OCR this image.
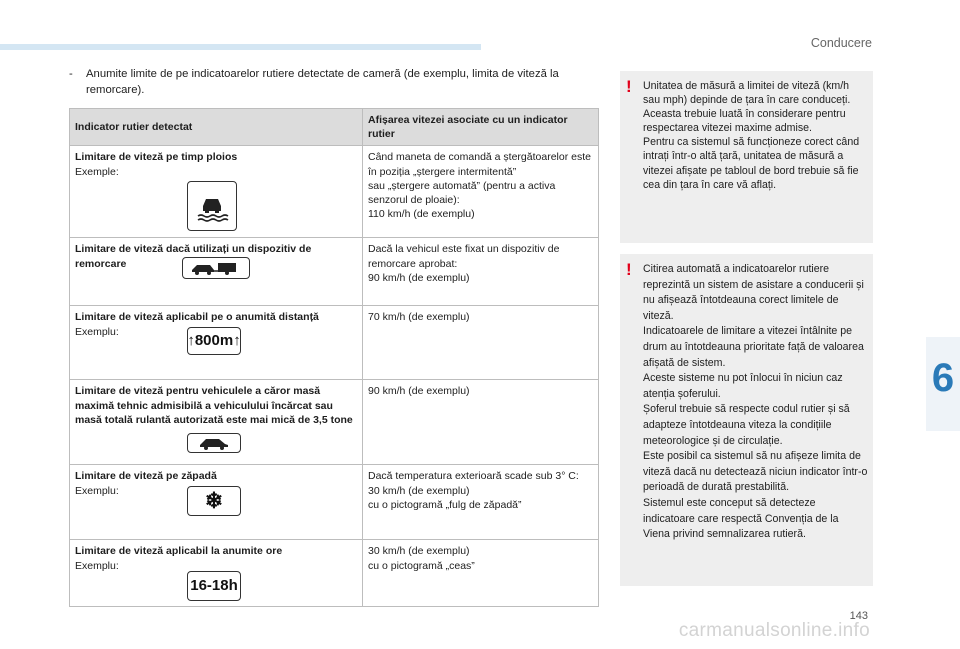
Conducere
6
- Anumite limite de pe indicatoarelor rutiere detectate de cameră (de exemplu, limita de viteză la remorcare).
Indicator rutier detectat	Afișarea vitezei asociate cu un indicator rutier

Limitare de viteză pe timp ploios
Exemple:	Când maneta de comandă a ștergătoarelor este în poziția „ștergere intermitentă”
sau „ștergere automată” (pentru a activa senzorul de ploaie):
110 km/h (de exemplu)

Limitare de viteză dacă utilizați un dispozitiv de remorcare	Dacă la vehicul este fixat un dispozitiv de remorcare aprobat:
90 km/h (de exemplu)

Limitare de viteză aplicabil pe o anumită distanță
Exemplu:
↑ 800m ↑	70 km/h (de exemplu)

Limitare de viteză pentru vehiculele a căror masă maximă tehnic admisibilă a vehiculului încărcat sau masă totală rulantă autorizată este mai mică de 3,5 tone	90 km/h (de exemplu)

Limitare de viteză pe zăpadă
Exemplu: ❄	Dacă temperatura exterioară scade sub 3° C:
30 km/h (de exemplu)
cu o pictogramă „fulg de zăpadă”

Limitare de viteză aplicabil la anumite ore
Exemplu:
16-18h	30 km/h (de exemplu)
cu o pictogramă „ceas”
! Unitatea de măsură a limitei de viteză (km/h sau mph) depinde de țara în care conduceți.
Aceasta trebuie luată în considerare pentru respectarea vitezei maxime admise.
Pentru ca sistemul să funcționeze corect când intrați într-o altă țară, unitatea de măsură a vitezei afișate pe tabloul de bord trebuie să fie cea din țara în care vă aflați.
! Citirea automată a indicatoarelor rutiere reprezintă un sistem de asistare a conducerii și nu afișează întotdeauna corect limitele de viteză.
Indicatoarele de limitare a vitezei întâlnite pe drum au întotdeauna prioritate față de valoarea afișată de sistem.
Aceste sisteme nu pot înlocui în niciun caz atenția șoferului.
Șoferul trebuie să respecte codul rutier și să adapteze întotdeauna viteza la condițiile meteorologice și de circulație.
Este posibil ca sistemul să nu afișeze limita de viteză dacă nu detectează niciun indicator într-o perioadă de durată prestabilită.
Sistemul este conceput să detecteze indicatoare care respectă Convenția de la Viena privind semnalizarea rutieră.
143
carmanualsonline.info
